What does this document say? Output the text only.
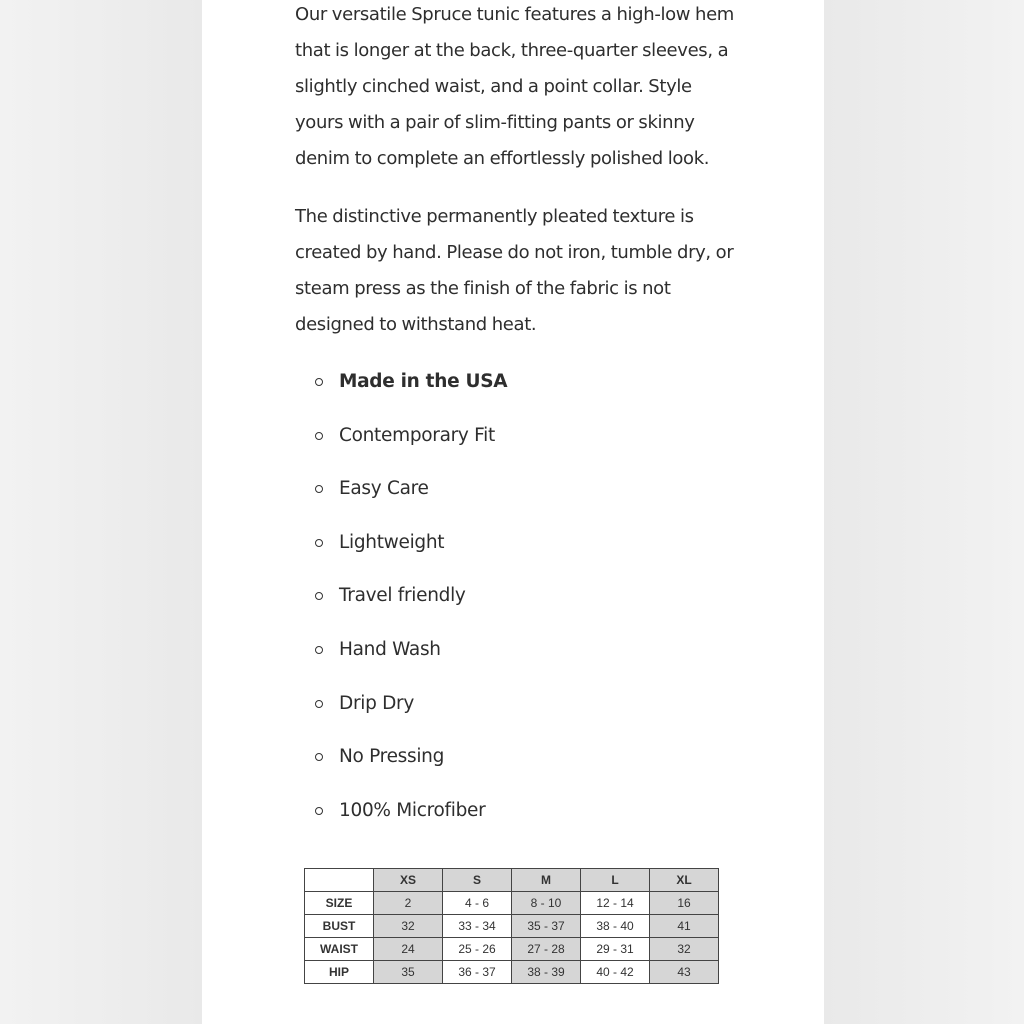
Our versatile Spruce tunic features a high-low hem that is longer at the back, three-quarter sleeves, a slightly cinched waist, and a point collar. Style yours with a pair of slim-fitting pants or skinny denim to complete an effortlessly polished look.

The distinctive permanently pleated texture is created by hand. Please do not iron, tumble dry, or steam press as the finish of the fabric is not designed to withstand heat.

Made in the USA
Contemporary Fit
Easy Care
Lightweight
Travel friendly
Hand Wash
Drip Dry
No Pressing
100% Microfiber
	XS	S	M	L	XL
SIZE	2	4 - 6	8 - 10	12 - 14	16
BUST	32	33 - 34	35 - 37	38 - 40	41
WAIST	24	25 - 26	27 - 28	29 - 31	32
HIP	35	36 - 37	38 - 39	40 - 42	43
